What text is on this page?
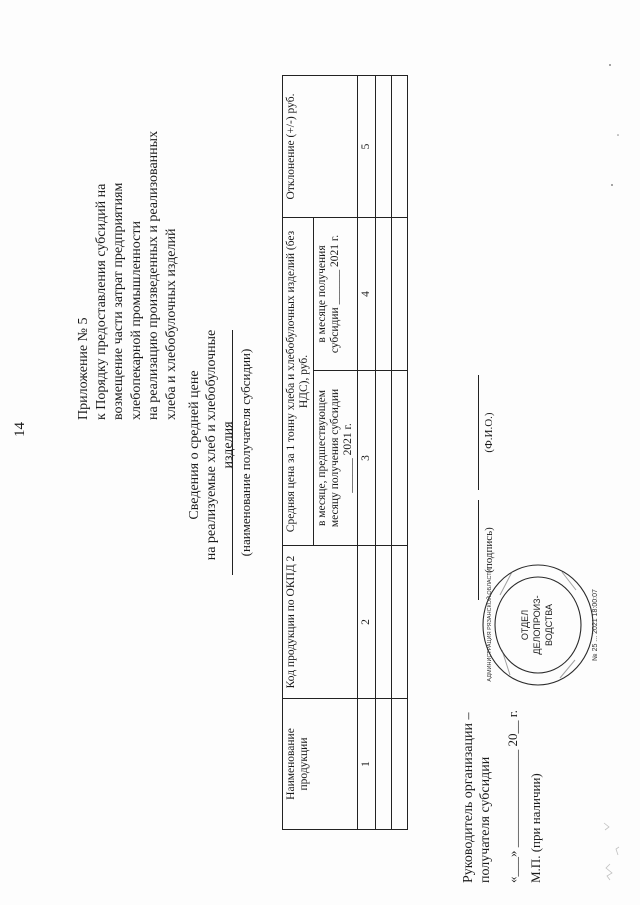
14
Приложение № 5 к Порядку предоставления субсидий на возмещение части затрат предприятиям хлебопекарной промышленности на реализацию произведенных и реализованных хлеба и хлебобулочных изделий
Сведения о средней цене на реализуемые хлеб и хлебобулочные изделия (наименование получателя субсидии)
Наименование продукции	Код продукции по ОКПД 2	Средняя цена за 1 тонну хлеба и хлебобулочных изделий (без НДС), руб.		Отклонение (+/-) руб.
		в месяце, предшествующем месяцу получения субсидии ______ 2021 г.	в месяце получения субсидии ______ 2021 г.	
1	2	3	4	5

Руководитель организации – получателя субсидии «___» _______________ 20__ г. М.П. (при наличии)
(подпись)
(Ф.И.О.)
ОТДЕЛ ДЕЛОПРОИЗ- ВОДСТВА
АДМИНИСТРАЦИЯ РЯЗАНСКОЙ ОБЛАСТИ	№ 25 ... 2021 18:00:07
